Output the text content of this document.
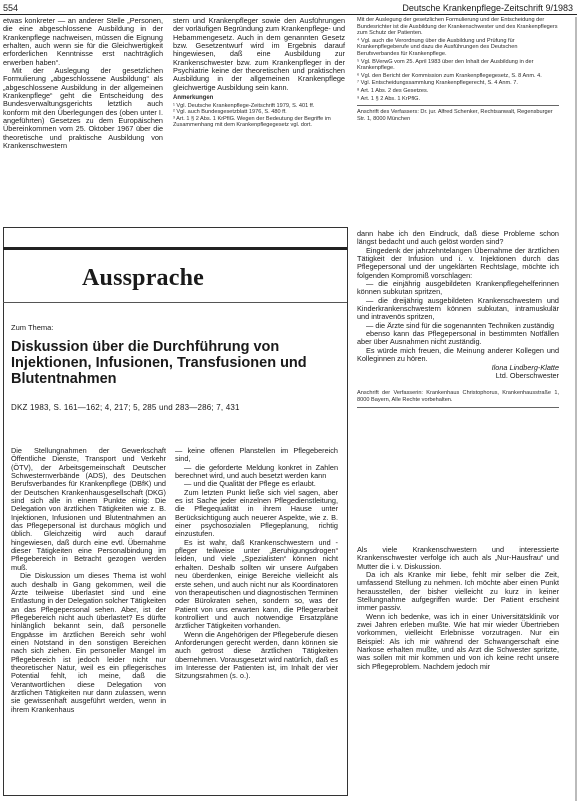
554	Deutsche Krankenpflege-Zeitschrift 9/1983

etwas konkreter — an anderer Stelle „Personen, die eine abgeschlossene Ausbildung in der Krankenpflege nachweisen, müssen die Eignung erhalten, auch wenn sie für die Gleichwertigkeit erforderlichen Kenntnisse erst nachträglich erwerben haben“.

Mit der Auslegung der gesetzlichen Formulierung „abgeschlossene Ausbildung“ als „abgeschlossene Ausbildung in der allgemeinen Krankenpflege“ geht die Entscheidung des Bundesverwaltungsgerichts letztlich auch konform mit den Überlegungen des (oben unter I. angeführten) Gesetzes zu dem Europäischen Übereinkommen vom 25. Oktober 1967 über die theoretische und praktische Ausbildung von Krankenschwestern

stern und Krankenpfleger sowie den Ausführungen der vorläufigen Begründung zum Krankenpflege- und Hebammengesetz. Auch in dem genannten Gesetz bzw. Gesetzentwurf wird im Ergebnis darauf hingewiesen, daß eine Ausbildung zur Krankenschwester bzw. zum Krankenpfleger in der Psychiatrie keine der theoretischen und praktischen Ausbildung in der allgemeinen Krankenpflege gleichwertige Ausbildung sein kann.
Anmerkungen

¹ Vgl. Deutsche Krankenpflege-Zeitschrift 1979, S. 401 ff.

² Vgl. auch Bundesgesetzblatt 1976, S. 480 ff.

³ Art. 1 § 2 Abs. 1 KrPflG. Wegen der Bedeutung der Begriffe im Zusammenhang mit dem Krankenpflegegesetz vgl. dort.

Mit der Auslegung der gesetzlichen Formulierung und der Entscheidung der Bundesrichter ist die Ausbildung der Krankenschwester und des Krankenpflegers zum Schutz der Patienten.

⁴ Vgl. auch die Verordnung über die Ausbildung und Prüfung für Krankenpflegeberufe und dazu die Ausführungen des Deutschen Berufsverbandes für Krankenpflege.

⁵ Vgl. BVerwG vom 25. April 1983 über den Inhalt der Ausbildung in der Krankenpflege.

⁶ Vgl. den Bericht der Kommission zum Krankenpflegegesetz, S. 8 Anm. 4.

⁷ Vgl. Entscheidungssammlung Krankenpflegerecht, S. 4 Anm. 7.

⁸ Art. 1 Abs. 2 des Gesetzes.

⁹ Art. 1 § 2 Abs. 1 KrPflG.

Anschrift des Verfassers: Dr. jur. Alfred Schenker, Rechtsanwalt, Regensburger Str. 1, 8000 München

Aussprache
Zum Thema:
Diskussion über die Durchführung von Injektionen, Infusionen, Transfusionen und Blutentnahmen
DKZ 1983, S. 161—162; 4, 217; 5, 285 und 283—286; 7, 431

Die Stellungnahmen der Gewerkschaft Öffentliche Dienste, Transport und Verkehr (ÖTV), der Arbeitsgemeinschaft Deutscher Schwesternverbände (ADS), des Deutschen Berufsverbandes für Krankenpflege (DBfK) und der Deutschen Krankenhausgesellschaft (DKG) sind sich alle in einem Punkte einig: Die Delegation von ärztlichen Tätigkeiten wie z. B. Injektionen, Infusionen und Blutentnahmen an das Pflegepersonal ist durchaus möglich und üblich. Gleichzeitig wird auch darauf hingewiesen, daß durch eine evtl. Übernahme dieser Tätigkeiten eine Personalbindung im Pflegebereich in Betracht gezogen werden muß.

Die Diskussion um dieses Thema ist wohl auch deshalb in Gang gekommen, weil die Ärzte teilweise überlastet sind und eine Entlastung in der Delegation solcher Tätigkeiten an das Pflegepersonal sehen. Aber, ist der Pflegebereich nicht auch überlastet? Es dürfte hinlänglich bekannt sein, daß personelle Engpässe im ärztlichen Bereich sehr wohl einen Notstand in den sonstigen Bereichen nach sich ziehen. Ein personeller Mangel im Pflegebereich ist jedoch leider nicht nur theoretischer Natur, weil es ein pflegerisches Potential fehlt, ich meine, daß die Verantwortlichen diese Delegation von ärztlichen Tätigkeiten nur dann zulassen, wenn sie gewissenhaft ausgeführt werden, wenn in ihrem Krankenhaus

— keine offenen Planstellen im Pflegebereich sind,

— die geforderte Meldung konkret in Zahlen berechnet wird, und auch besetzt werden kann

— und die Qualität der Pflege es erlaubt.

Zum letzten Punkt ließe sich viel sagen, aber es ist Sache jeder einzelnen Pflegedienstleitung, die Pflegequalität in ihrem Hause unter Berücksichtigung auch neuerer Aspekte, wie z. B. einer psychosozialen Pflegeplanung, richtig einzustufen.

Es ist wahr, daß Krankenschwestern und -pfleger teilweise unter „Beruhigungsdrogen“ leiden, und viele „Spezialisten“ können nicht erhalten. Deshalb sollten wir unsere Aufgaben neu überdenken, einige Bereiche vielleicht als erste sehen, und auch nicht nur als Koordinatoren von therapeutischen und diagnostischen Terminen oder Bürokraten sehen, sondern so, was der Patient von uns erwarten kann, die Pflegerarbeit kontrolliert und auch notwendige Ersatzpläne ärztlicher Tätigkeiten vorhanden.

Wenn die Angehörigen der Pflegeberufe diesen Anforderungen gerecht werden, dann können sie auch getrost diese ärztlichen Tätigkeiten übernehmen. Vorausgesetzt wird natürlich, daß es im Interesse der Patienten ist, im Inhalt der vier Sitzungsrahmen (s. o.).

dann habe ich den Eindruck, daß diese Probleme schon längst bedacht und auch gelöst worden sind?

Eingedenk der jahrzehntelangen Übernahme der ärztlichen Tätigkeit der Infusion und i. v. Injektionen durch das Pflegepersonal und der ungeklärten Rechtslage, möchte ich folgenden Kompromiß vorschlagen:

— die einjährig ausgebildeten Krankenpflegehelferinnen können subkutan spritzen,

— die dreijährig ausgebildeten Krankenschwestern und Kinderkrankenschwestern können subkutan, intramuskulär und intravenös spritzen,

— die Ärzte sind für die sogenannten Techniken zuständig

ebenso kann das Pflegepersonal in bestimmten Notfällen aber über Ausnahmen nicht zuständig.

Es würde mich freuen, die Meinung anderer Kollegen und Kolleginnen zu hören.

Ilona Lindberg-Klatte
Ltd. Oberschwester
Anschrift der Verfasserin: Krankenhaus Christophorus, Krankenhausstraße 1, 8000 Bayern, Alle Rechte vorbehalten.

Als viele Krankenschwestern und interessierte Krankenschwester verfolge ich auch als „Nur-Hausfrau“ und Mutter die i. v. Diskussion.

Da ich als Kranke mir liebe, fehlt mir selber die Zeit, umfassend Stellung zu nehmen. Ich möchte aber einen Punkt herausstellen, der bisher vielleicht zu kurz in keiner Stellungnahme aufgegriffen wurde: Der Patient erscheint immer passiv.

Wenn ich bedenke, was ich in einer Universitätsklinik vor zwei Jahren erleben mußte. Wie hat mir wieder Übertrieben vorkommen, vielleicht Erlebnisse vorzutragen. Nur ein Beispiel: Als ich mir während der Schwangerschaft eine Narkose erhalten mußte, und als Arzt die Schwester spritzte, was sollen mit mir kommen und von ich keine recht unsere sich Pflegeproblem. Nachdem jedoch mir
